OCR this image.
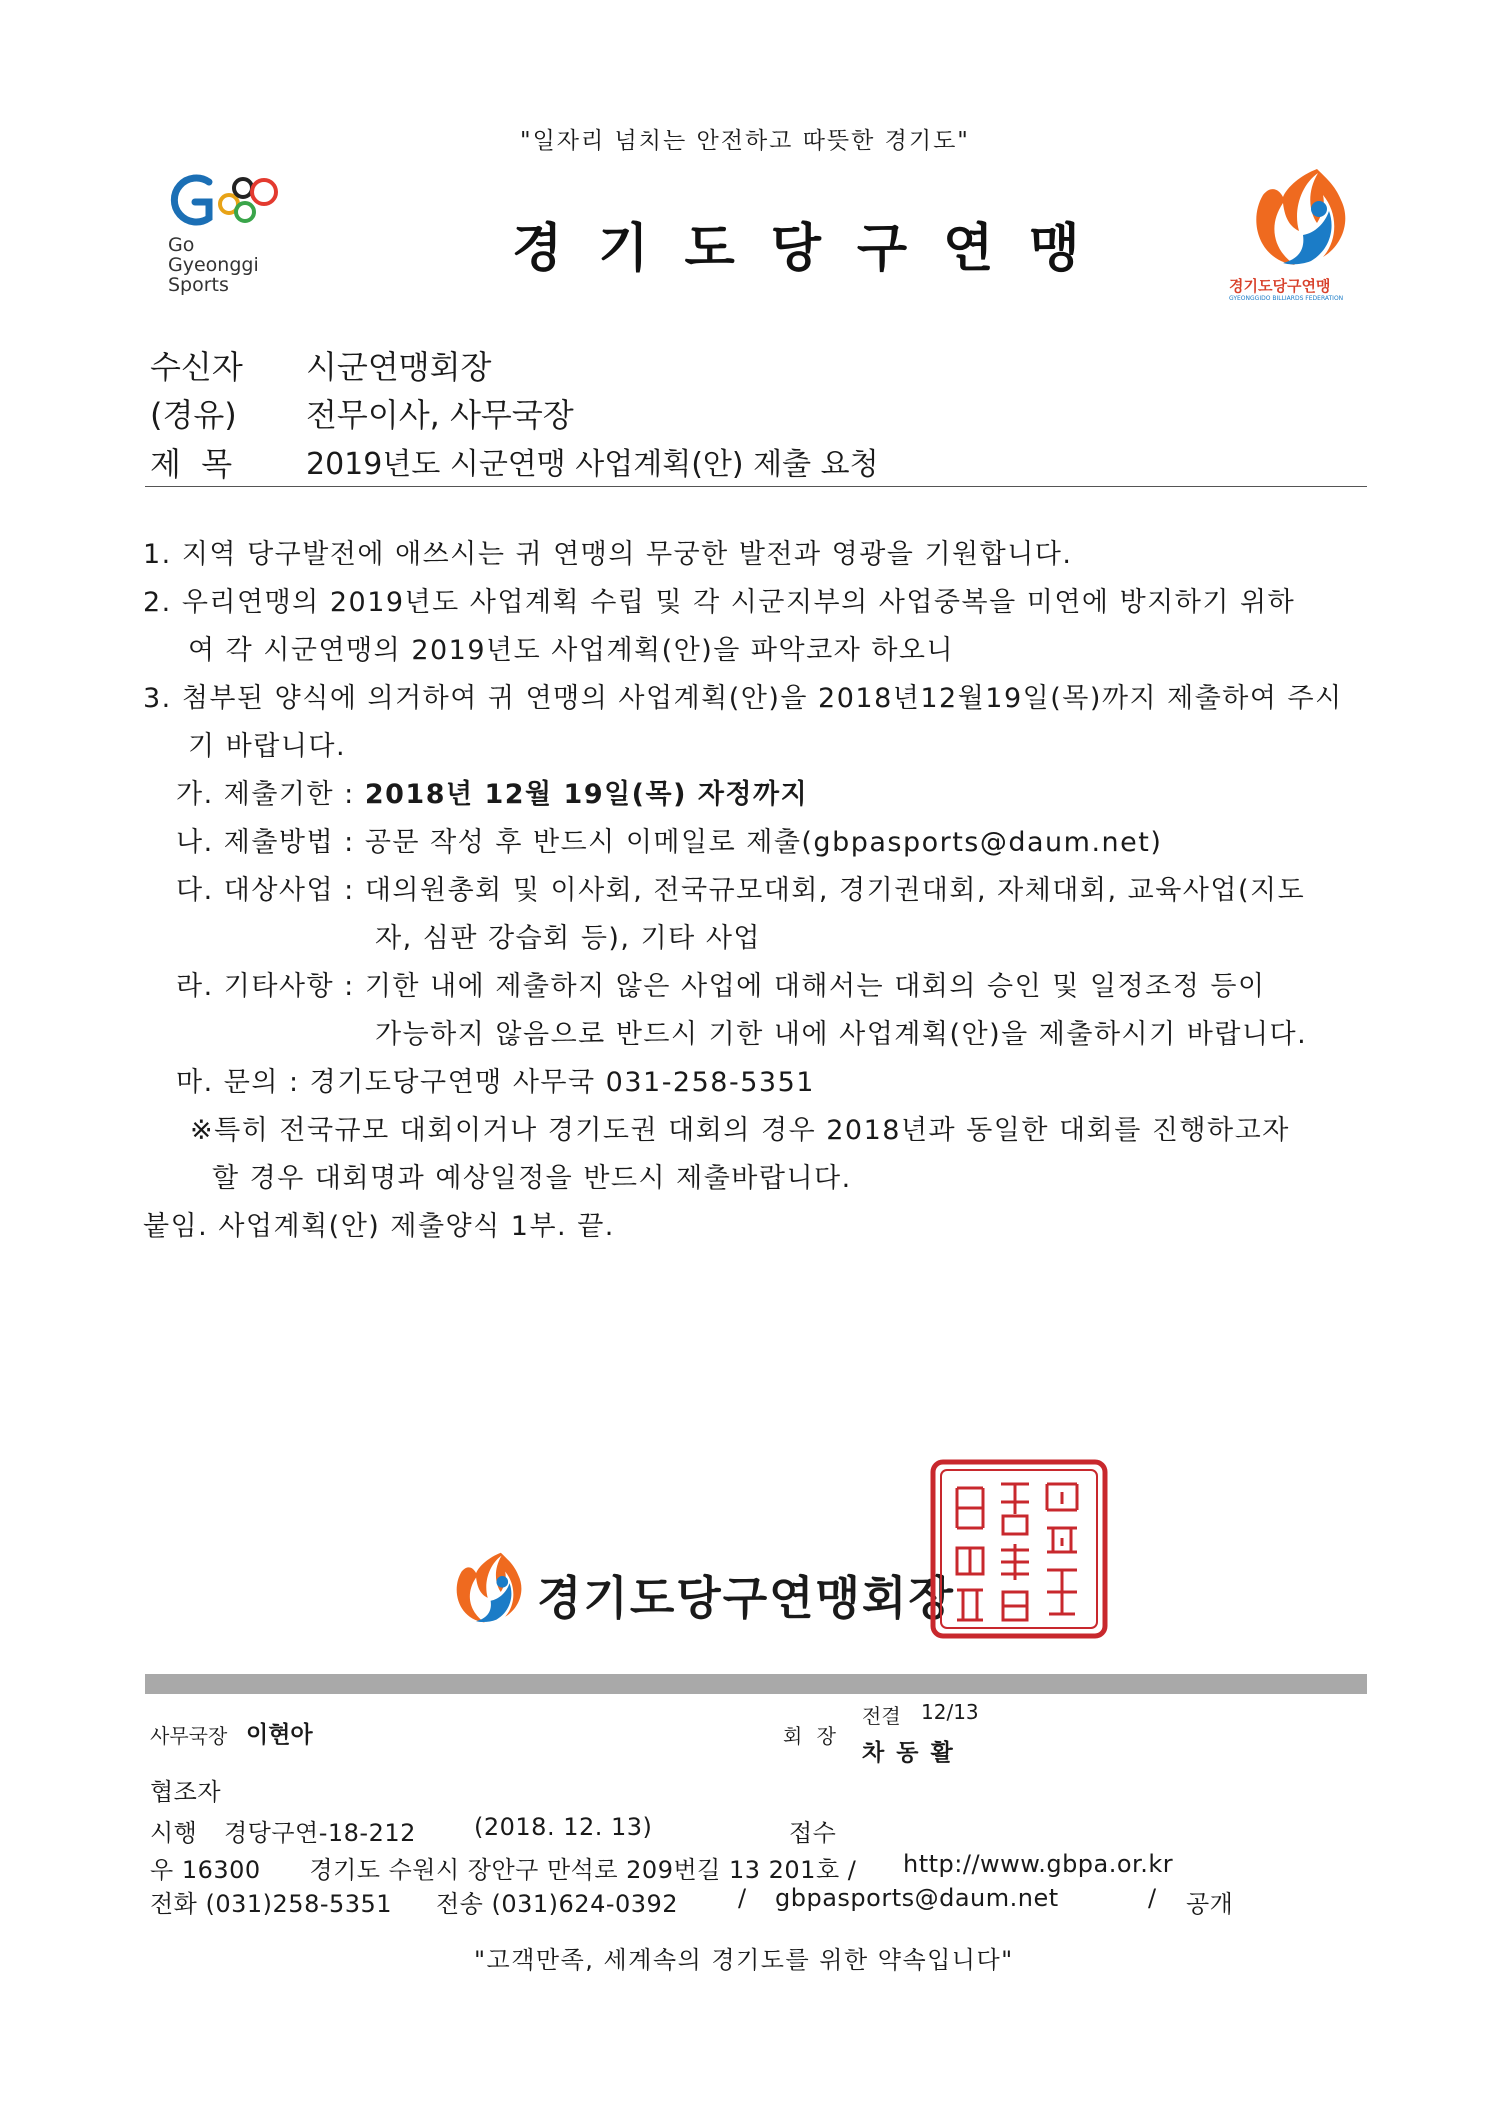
"일자리 넘치는 안전하고 따뜻한 경기도"
Go
Gyeonggi
Sports
경기도당구연맹
경기도당구연맹
GYEONGGIDO BILLIARDS FEDERATION
수신자 시군연맹회장
(경유) 전무이사, 사무국장
제  목 2019년도 시군연맹 사업계획(안) 제출 요청
1. 지역 당구발전에 애쓰시는 귀 연맹의 무궁한 발전과 영광을 기원합니다.
2. 우리연맹의 2019년도 사업계획 수립 및 각 시군지부의 사업중복을 미연에 방지하기 위하
여 각 시군연맹의 2019년도 사업계획(안)을 파악코자 하오니
3. 첨부된 양식에 의거하여 귀 연맹의 사업계획(안)을 2018년12월19일(목)까지 제출하여 주시
기 바랍니다.
가. 제출기한 : 2018년 12월 19일(목) 자정까지
나. 제출방법 : 공문 작성 후 반드시 이메일로 제출(gbpasports@daum.net)
다. 대상사업 : 대의원총회 및 이사회, 전국규모대회, 경기권대회, 자체대회, 교육사업(지도
자, 심판 강습회 등), 기타 사업
라. 기타사항 : 기한 내에 제출하지 않은 사업에 대해서는 대회의 승인 및 일정조정 등이
가능하지 않음으로 반드시 기한 내에 사업계획(안)을 제출하시기 바랍니다.
마. 문의 : 경기도당구연맹 사무국 031-258-5351
※특히 전국규모 대회이거나 경기도권 대회의 경우 2018년과 동일한 대회를 진행하고자
할 경우 대회명과 예상일정을 반드시 제출바랍니다.
붙임. 사업계획(안) 제출양식 1부. 끝.
경기도당구연맹회장
사무국장 이현아	회 장
전결 12/13
차 동 활
협조자
시행 경당구연-18-212 (2018. 12. 13)	접수
우 16300      경기도 수원시 장안구 만석로 209번길 13 201호 / http://www.gbpa.or.kr
전화 (031)258-5351 전송 (031)624-0392 / gbpasports@daum.net	/ 공개
"고객만족, 세계속의 경기도를 위한 약속입니다"
